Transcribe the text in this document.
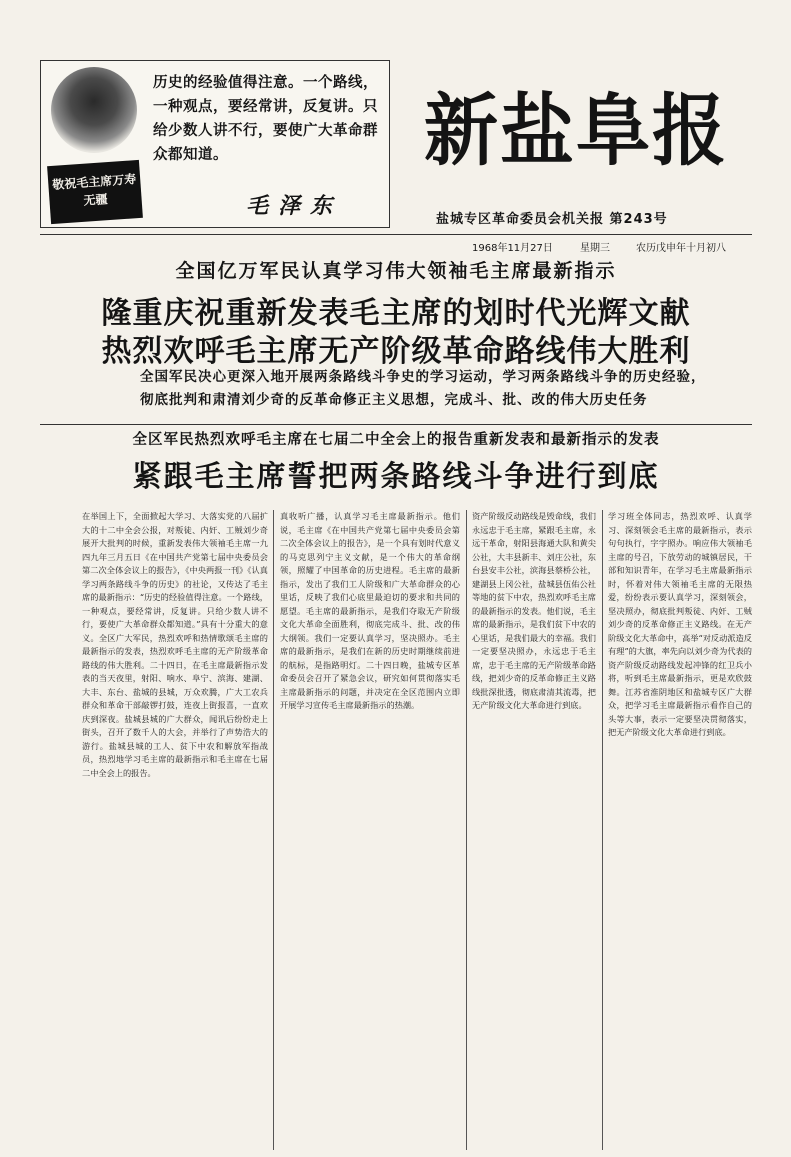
敬祝毛主席万寿无疆
历史的经验值得注意。一个路线，一种观点，要经常讲，反复讲。只给少数人讲不行，要使广大革命群众都知道。
毛泽东
新盐阜报
盐城专区革命委员会机关报 第243号
1968年11月27日	星期三	农历戊申年十月初八
全国亿万军民认真学习伟大领袖毛主席最新指示
隆重庆祝重新发表毛主席的划时代光辉文献
热烈欢呼毛主席无产阶级革命路线伟大胜利
全国军民决心更深入地开展两条路线斗争史的学习运动，学习两条路线斗争的历史经验，彻底批判和肃清刘少奇的反革命修正主义思想，完成斗、批、改的伟大历史任务
全区军民热烈欢呼毛主席在七届二中全会上的报告重新发表和最新指示的发表
紧跟毛主席誓把两条路线斗争进行到底
在举国上下，全面掀起大学习、大落实党的八届扩大的十二中全会公报，对叛徒、内奸、工贼刘少奇展开大批判的时候，重新发表伟大领袖毛主席一九四九年三月五日《在中国共产党第七届中央委员会第二次全体会议上的报告》，《中央两报一刊》《认真学习两条路线斗争的历史》的社论，又传达了毛主席的最新指示：“历史的经验值得注意。一个路线，一种观点，要经常讲，反复讲。只给少数人讲不行，要使广大革命群众都知道。”具有十分重大的意义。全区广大军民，热烈欢呼和热情歌颂毛主席的最新指示的发表，热烈欢呼毛主席的无产阶级革命路线的伟大胜利。二十四日，在毛主席最新指示发表的当天夜里，射阳、响水、阜宁、滨海、建湖、大丰、东台、盐城的县城，万众欢腾，广大工农兵群众和革命干部敲锣打鼓，连夜上街报喜，一直欢庆到深夜。盐城县城的广大群众，闻讯后纷纷走上街头，召开了数千人的大会，并举行了声势浩大的游行。盐城县城的工人、贫下中农和解放军指战员，热烈地学习毛主席的最新指示和毛主席在七届二中全会上的报告。
真收听广播，认真学习毛主席最新指示。他们说，毛主席《在中国共产党第七届中央委员会第二次全体会议上的报告》，是一个具有划时代意义的马克思列宁主义文献，是一个伟大的革命纲领，照耀了中国革命的历史进程。毛主席的最新指示，发出了我们工人阶级和广大革命群众的心里话，反映了我们心底里最迫切的要求和共同的愿望。毛主席的最新指示，是我们夺取无产阶级文化大革命全面胜利，彻底完成斗、批、改的伟大纲领。我们一定要认真学习，坚决照办。毛主席的最新指示，是我们在新的历史时期继续前进的航标，是指路明灯。二十四日晚，盐城专区革命委员会召开了紧急会议，研究如何贯彻落实毛主席最新指示的问题，并决定在全区范围内立即开展学习宣传毛主席最新指示的热潮。
资产阶级反动路线是毁命线，我们永远忠于毛主席，紧跟毛主席，永远干革命，射阳县海通大队和黄尖公社，大丰县新丰、刘庄公社，东台县安丰公社，滨海县蔡桥公社，建湖县上冈公社，盐城县伍佑公社等地的贫下中农，热烈欢呼毛主席的最新指示的发表。他们说，毛主席的最新指示，是我们贫下中农的心里话，是我们最大的幸福。我们一定要坚决照办，永远忠于毛主席，忠于毛主席的无产阶级革命路线，把刘少奇的反革命修正主义路线批深批透，彻底肃清其流毒，把无产阶级文化大革命进行到底。
学习班全体同志，热烈欢呼、认真学习、深刻领会毛主席的最新指示，表示句句执行，字字照办。响应伟大领袖毛主席的号召，下放劳动的城镇居民，干部和知识青年，在学习毛主席最新指示时，怀着对伟大领袖毛主席的无限热爱，纷纷表示要认真学习，深刻领会，坚决照办，彻底批判叛徒、内奸、工贼刘少奇的反革命修正主义路线。在无产阶级文化大革命中，高举“对反动派造反有理”的大旗，率先向以刘少奇为代表的资产阶级反动路线发起冲锋的红卫兵小将，听到毛主席最新指示，更是欢欣鼓舞。江苏省淮阴地区和盐城专区广大群众，把学习毛主席最新指示看作自己的头等大事，表示一定要坚决贯彻落实，把无产阶级文化大革命进行到底。
